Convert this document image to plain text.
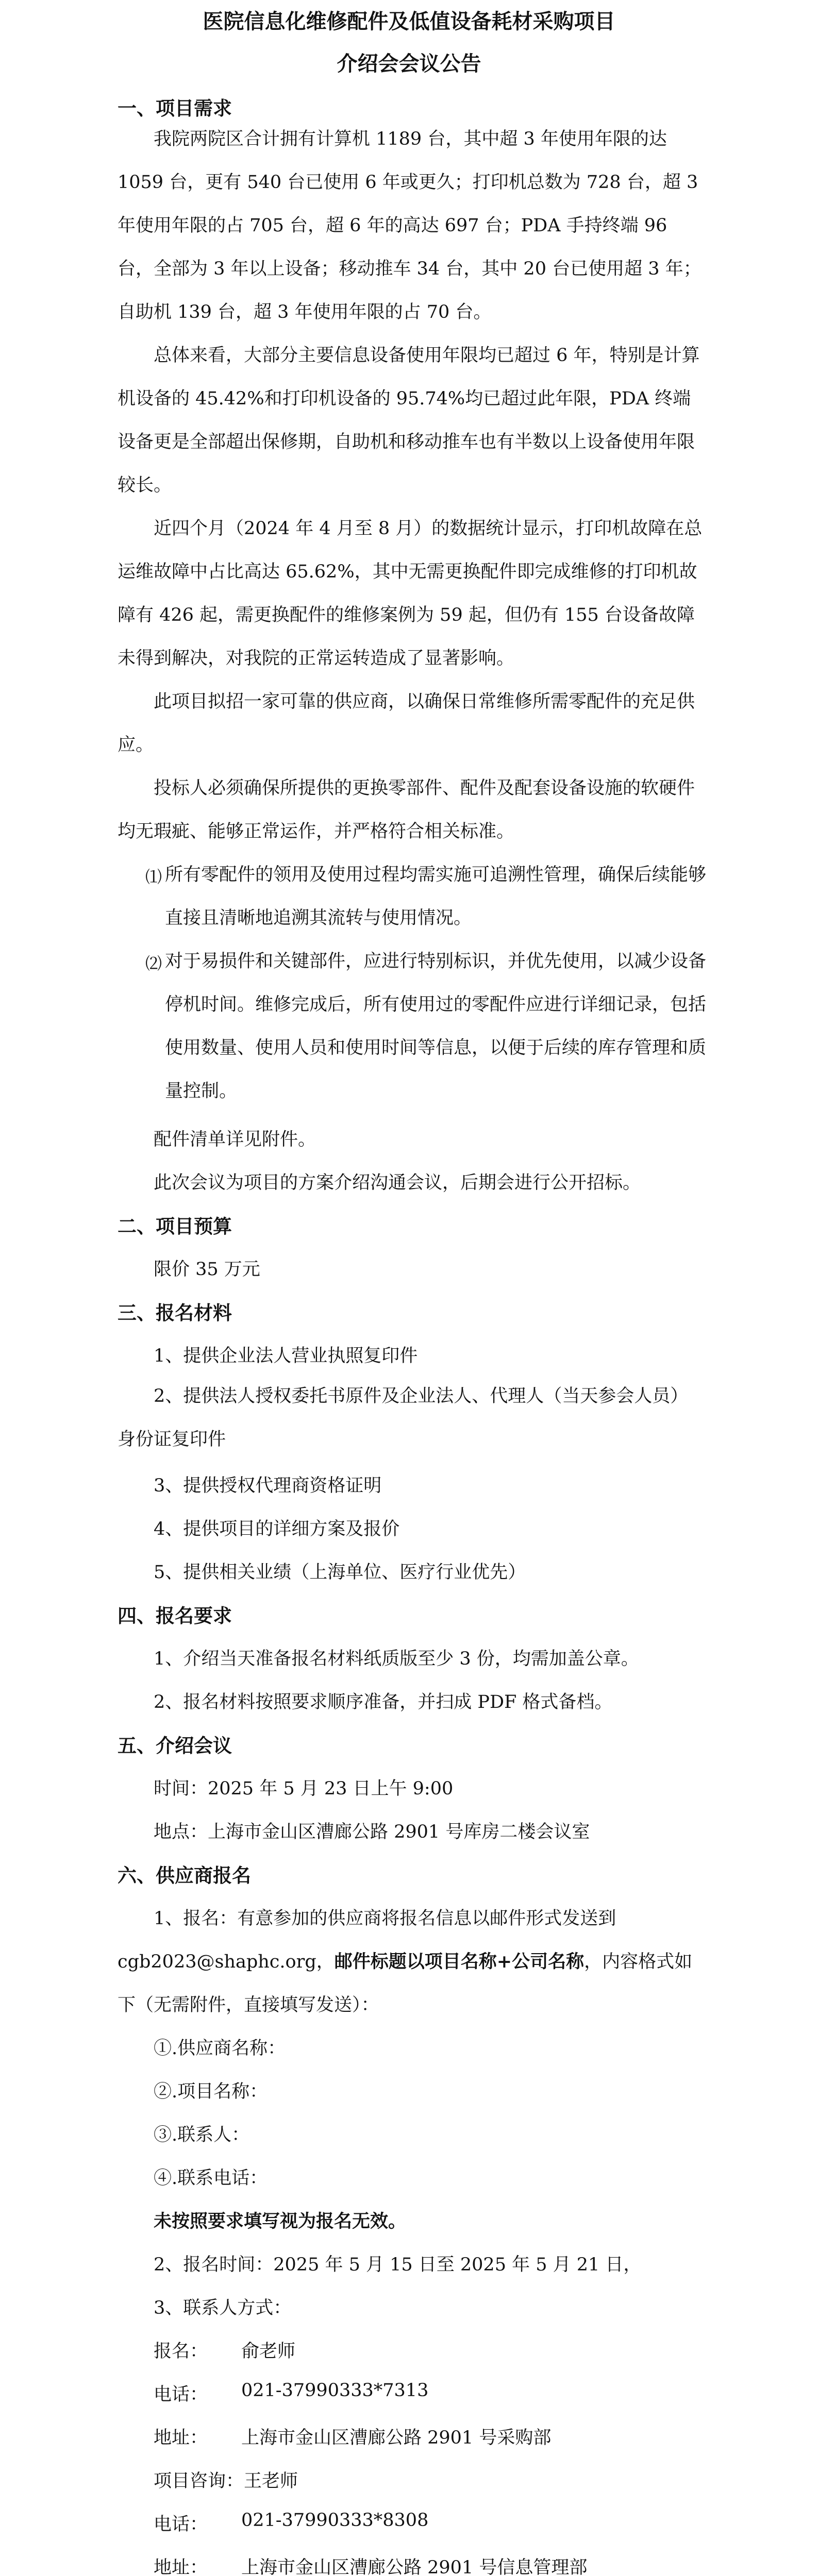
医院信息化维修配件及低值设备耗材采购项目
介绍会会议公告
一、项目需求

我院两院区合计拥有计算机 1189 台，其中超 3 年使用年限的达 1059 台，更有 540 台已使用 6 年或更久；打印机总数为 728 台，超 3 年使用年限的占 705 台，超 6 年的高达 697 台；PDA 手持终端 96 台，全部为 3 年以上设备；移动推车 34 台，其中 20 台已使用超 3 年；自助机 139 台，超 3 年使用年限的占 70 台。

总体来看，大部分主要信息设备使用年限均已超过 6 年，特别是计算机设备的 45.42%和打印机设备的 95.74%均已超过此年限，PDA 终端设备更是全部超出保修期，自助机和移动推车也有半数以上设备使用年限较长。

近四个月（2024 年 4 月至 8 月）的数据统计显示，打印机故障在总运维故障中占比高达 65.62%，其中无需更换配件即完成维修的打印机故障有 426 起，需更换配件的维修案例为 59 起，但仍有 155 台设备故障未得到解决，对我院的正常运转造成了显著影响。

此项目拟招一家可靠的供应商，以确保日常维修所需零配件的充足供应。

投标人必须确保所提供的更换零部件、配件及配套设备设施的软硬件均无瑕疵、能够正常运作，并严格符合相关标准。

⑴ 所有零配件的领用及使用过程均需实施可追溯性管理，确保后续能够直接且清晰地追溯其流转与使用情况。

⑵ 对于易损件和关键部件，应进行特别标识，并优先使用，以减少设备停机时间。维修完成后，所有使用过的零配件应进行详细记录，包括使用数量、使用人员和使用时间等信息，以便于后续的库存管理和质量控制。

配件清单详见附件。
此次会议为项目的方案介绍沟通会议，后期会进行公开招标。
二、项目预算
限价 35 万元
三、报名材料
1、提供企业法人营业执照复印件

2、提供法人授权委托书原件及企业法人、代理人（当天参会人员）身份证复印件

3、提供授权代理商资格证明
4、提供项目的详细方案及报价
5、提供相关业绩（上海单位、医疗行业优先）
四、报名要求
1、介绍当天准备报名材料纸质版至少 3 份，均需加盖公章。
2、报名材料按照要求顺序准备，并扫成 PDF 格式备档。
五、介绍会议
时间：2025 年 5 月 23 日上午 9:00
地点：上海市金山区漕廊公路 2901 号库房二楼会议室
六、供应商报名
1、报名：有意参加的供应商将报名信息以邮件形式发送到
cgb2023@shaphc.org，邮件标题以项目名称+公司名称，内容格式如
下（无需附件，直接填写发送）：
①.供应商名称：
②.项目名称：
③.联系人：
④.联系电话：
未按照要求填写视为报名无效。
2、报名时间：2025 年 5 月 15 日至 2025 年 5 月 21 日，
3、联系人方式：
报名： 俞老师
电话： 021-37990333*7313
地址： 上海市金山区漕廊公路 2901 号采购部
项目咨询：王老师
电话： 021-37990333*8308
地址： 上海市金山区漕廊公路 2901 号信息管理部
